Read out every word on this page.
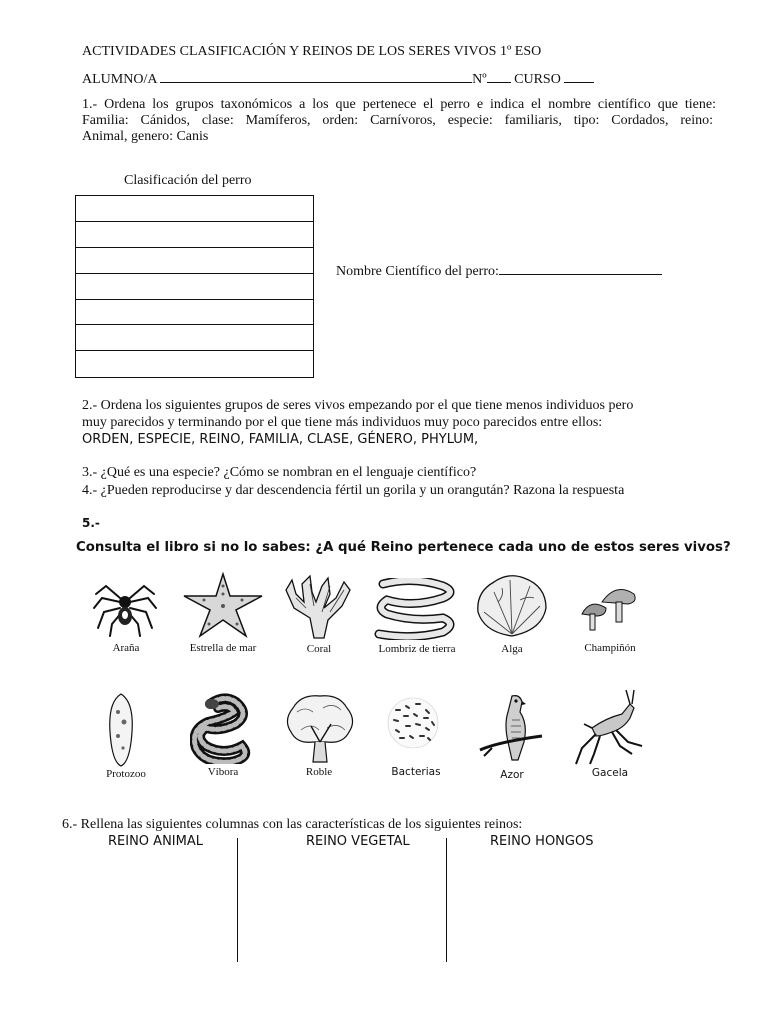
ACTIVIDADES CLASIFICACIÓN Y REINOS DE LOS SERES VIVOS 1º ESO
ALUMNO/A	Nº CURSO
1.- Ordena los grupos taxonómicos a los que pertenece el perro e indica el nombre científico que tiene:
Familia: Cánidos, clase: Mamíferos, orden: Carnívoros, especie: familiaris, tipo: Cordados, reino:
Animal, genero: Canis
Clasificación del perro
Nombre Científico del perro:
2.- Ordena los siguientes grupos de seres vivos empezando por el que tiene menos individuos pero
muy parecidos y terminando por el que tiene más individuos muy poco parecidos entre ellos:
ORDEN, ESPECIE, REINO, FAMILIA, CLASE, GÉNERO, PHYLUM,
3.- ¿Qué es una especie? ¿Cómo se nombran en el lenguaje científico?
4.- ¿Pueden reproducirse y dar descendencia fértil un gorila y un orangután? Razona la respuesta
5.-
Consulta el libro si no lo sabes: ¿A qué Reino pertenece cada uno de estos seres vivos?
Araña	Estrella de mar	Coral	Lombriz de tierra	Alga	Champiñón
Protozoo	Víbora	Roble	Bacterias	Azor	Gacela
6.- Rellena las siguientes columnas con las características de los siguientes reinos:
REINO ANIMAL	REINO VEGETAL	REINO HONGOS
